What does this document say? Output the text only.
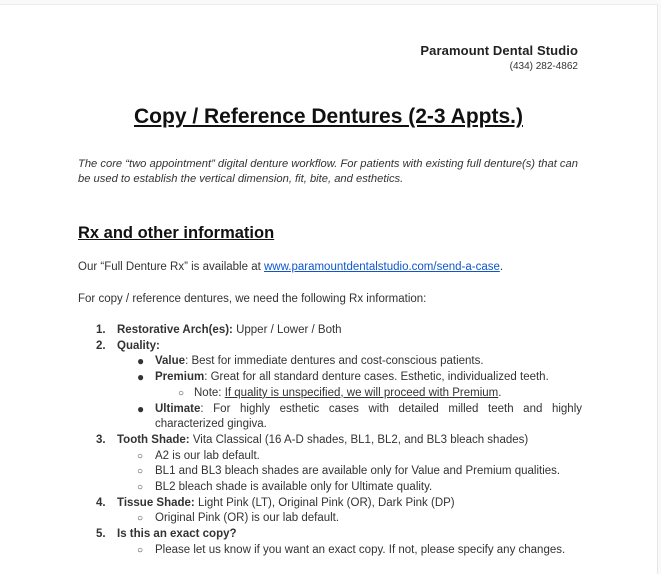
Paramount Dental Studio
(434) 282-4862
Copy / Reference Dentures (2-3 Appts.)

The core “two appointment” digital denture workflow. For patients with existing full denture(s) that can be used to establish the vertical dimension, fit, bite, and esthetics.

Rx and other information

Our “Full Denture Rx” is available at www.paramountdentalstudio.com/send-a-case.

For copy / reference dentures, we need the following Rx information:

1. Restorative Arch(es): Upper / Lower / Both
2. Quality:
● Value: Best for immediate dentures and cost-conscious patients.
● Premium: Great for all standard denture cases. Esthetic, individualized teeth.
○ Note: If quality is unspecified, we will proceed with Premium.
● Ultimate: For highly esthetic cases with detailed milled teeth and highly characterized gingiva.
3. Tooth Shade: Vita Classical (16 A-D shades, BL1, BL2, and BL3 bleach shades)
○ A2 is our lab default.
○ BL1 and BL3 bleach shades are available only for Value and Premium qualities.
○ BL2 bleach shade is available only for Ultimate quality.
4. Tissue Shade: Light Pink (LT), Original Pink (OR), Dark Pink (DP)
○ Original Pink (OR) is our lab default.
5. Is this an exact copy?
○ Please let us know if you want an exact copy. If not, please specify any changes.
